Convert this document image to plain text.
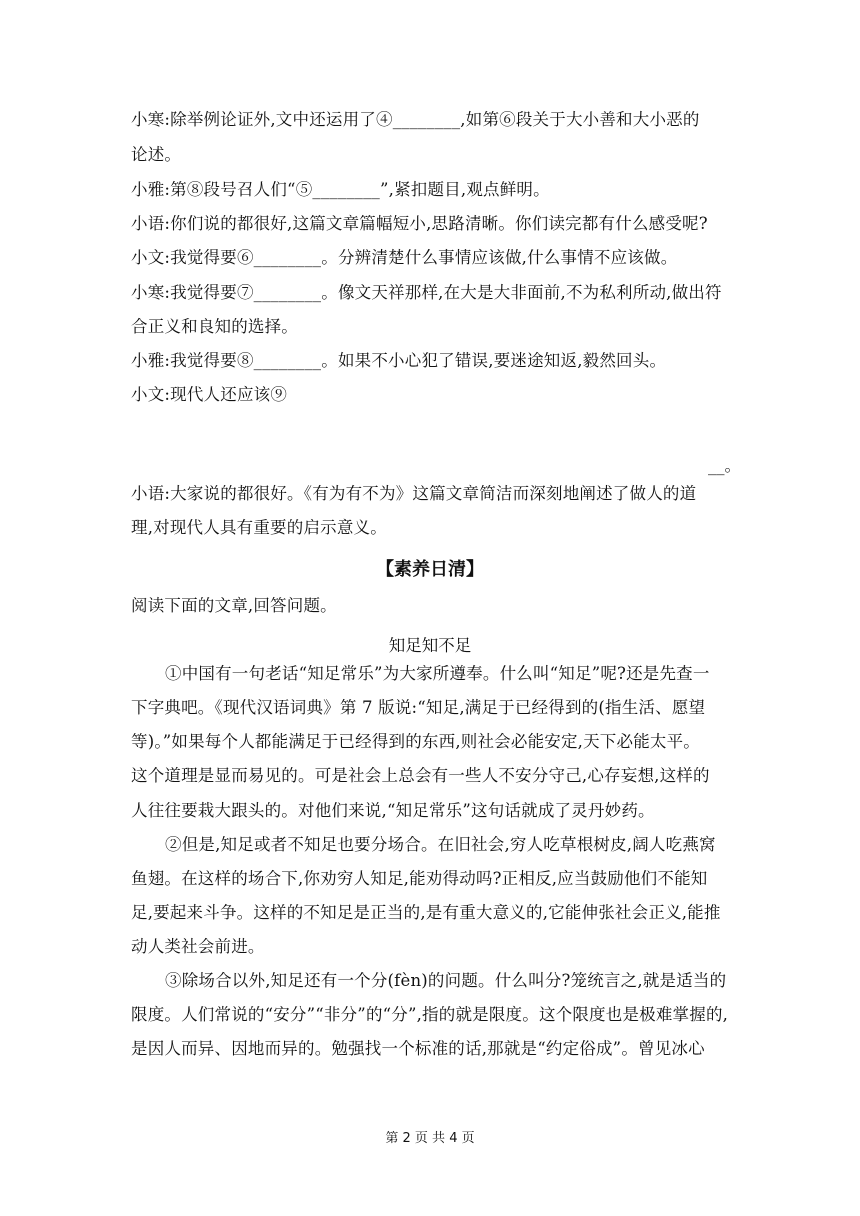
小寒:除举例论证外,文中还运用了④________,如第⑥段关于大小善和大小恶的
论述。
小雅:第⑧段号召人们“⑤________”,紧扣题目,观点鲜明。
小语:你们说的都很好,这篇文章篇幅短小,思路清晰。你们读完都有什么感受呢?
小文:我觉得要⑥________。分辨清楚什么事情应该做,什么事情不应该做。
小寒:我觉得要⑦________。像文天祥那样,在大是大非面前,不为私利所动,做出符
合正义和良知的选择。
小雅:我觉得要⑧________。如果不小心犯了错误,要迷途知返,毅然回头。
小文:现代人还应该⑨
__。
小语:大家说的都很好。《有为有不为》这篇文章简洁而深刻地阐述了做人的道
理,对现代人具有重要的启示意义。
【素养日清】
阅读下面的文章,回答问题。
知足知不足
①中国有一句老话“知足常乐”为大家所遵奉。什么叫“知足”呢?还是先查一
下字典吧。《现代汉语词典》第 7 版说:“知足,满足于已经得到的(指生活、愿望
等)。”如果每个人都能满足于已经得到的东西,则社会必能安定,天下必能太平。
这个道理是显而易见的。可是社会上总会有一些人不安分守己,心存妄想,这样的
人往往要栽大跟头的。对他们来说,“知足常乐”这句话就成了灵丹妙药。
②但是,知足或者不知足也要分场合。在旧社会,穷人吃草根树皮,阔人吃燕窝
鱼翅。在这样的场合下,你劝穷人知足,能劝得动吗?正相反,应当鼓励他们不能知
足,要起来斗争。这样的不知足是正当的,是有重大意义的,它能伸张社会正义,能推
动人类社会前进。
③除场合以外,知足还有一个分(fèn)的问题。什么叫分?笼统言之,就是适当的
限度。人们常说的“安分”“非分”的“分”,指的就是限度。这个限度也是极难掌握的,
是因人而异、因地而异的。勉强找一个标准的话,那就是“约定俗成”。曾见冰心
第 2 页 共 4 页
